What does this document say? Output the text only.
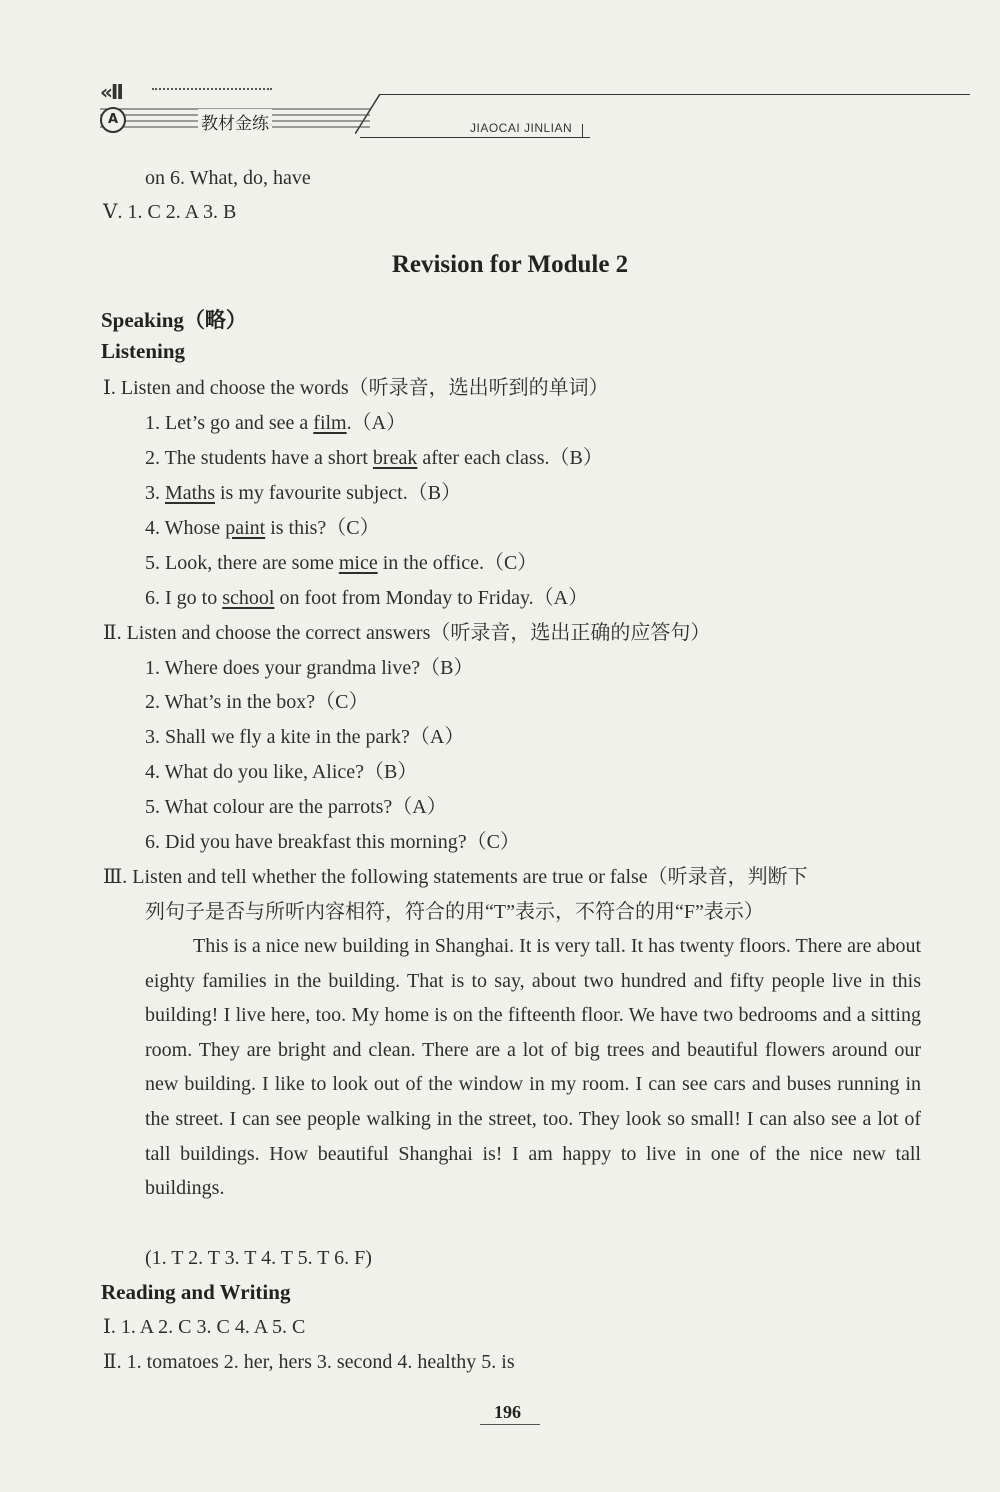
«II
A	教材金练	JIAOCAI JINLIAN
on 6. What, do, have
Ⅴ. 1. C 2. A 3. B
Revision for Module 2
Speaking（略）
Listening
Ⅰ. Listen and choose the words（听录音，选出听到的单词）
1. Let’s go and see a film.（A）
2. The students have a short break after each class.（B）
3. Maths is my favourite subject.（B）
4. Whose paint is this?（C）
5. Look, there are some mice in the office.（C）
6. I go to school on foot from Monday to Friday.（A）
Ⅱ. Listen and choose the correct answers（听录音，选出正确的应答句）
1. Where does your grandma live?（B）
2. What’s in the box?（C）
3. Shall we fly a kite in the park?（A）
4. What do you like, Alice?（B）
5. What colour are the parrots?（A）
6. Did you have breakfast this morning?（C）
Ⅲ. Listen and tell whether the following statements are true or false（听录音，判断下
列句子是否与所听内容相符，符合的用“T”表示，不符合的用“F”表示）
This is a nice new building in Shanghai. It is very tall. It has twenty floors. There are about eighty families in the building. That is to say, about two hundred and fifty people live in this building! I live here, too. My home is on the fifteenth floor. We have two bedrooms and a sitting room. They are bright and clean. There are a lot of big trees and beautiful flowers around our new building. I like to look out of the window in my room. I can see cars and buses running in the street. I can see people walking in the street, too. They look so small! I can also see a lot of tall buildings. How beautiful Shanghai is! I am happy to live in one of the nice new tall buildings.
(1. T 2. T 3. T 4. T 5. T 6. F)
Reading and Writing
Ⅰ. 1. A 2. C 3. C 4. A 5. C
Ⅱ. 1. tomatoes 2. her, hers 3. second 4. healthy 5. is
196
